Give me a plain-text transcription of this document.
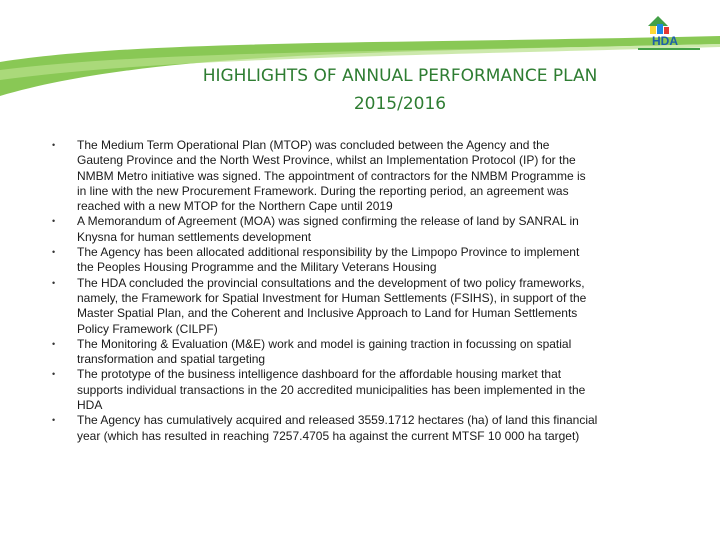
HDA
HIGHLIGHTS OF ANNUAL PERFORMANCE PLAN
2015/2016
• The Medium Term Operational Plan (MTOP) was concluded between the Agency and the
Gauteng Province and the North West Province, whilst an Implementation Protocol (IP) for the
NMBM Metro initiative was signed. The appointment of contractors for the NMBM Programme is
in line with the new Procurement Framework. During the reporting period, an agreement was
reached with a new MTOP for the Northern Cape until 2019
• A Memorandum of Agreement (MOA) was signed confirming the release of land by SANRAL in
Knysna for human settlements development
• The Agency has been allocated additional responsibility by the Limpopo Province to implement
the Peoples Housing Programme and the Military Veterans Housing
• The HDA concluded the provincial consultations and the development of two policy frameworks,
namely, the Framework for Spatial Investment for Human Settlements (FSIHS), in support of the
Master Spatial Plan, and the Coherent and Inclusive Approach to Land for Human Settlements
Policy Framework (CILPF)
• The Monitoring & Evaluation (M&E) work and model is gaining traction in focussing on spatial
transformation and spatial targeting
• The prototype of the business intelligence dashboard for the affordable housing market that
supports individual transactions in the 20 accredited municipalities has been implemented in the
HDA
• The Agency has cumulatively acquired and released 3559.1712 hectares (ha) of land this financial
year (which has resulted in reaching 7257.4705 ha against the current MTSF 10 000 ha target)
